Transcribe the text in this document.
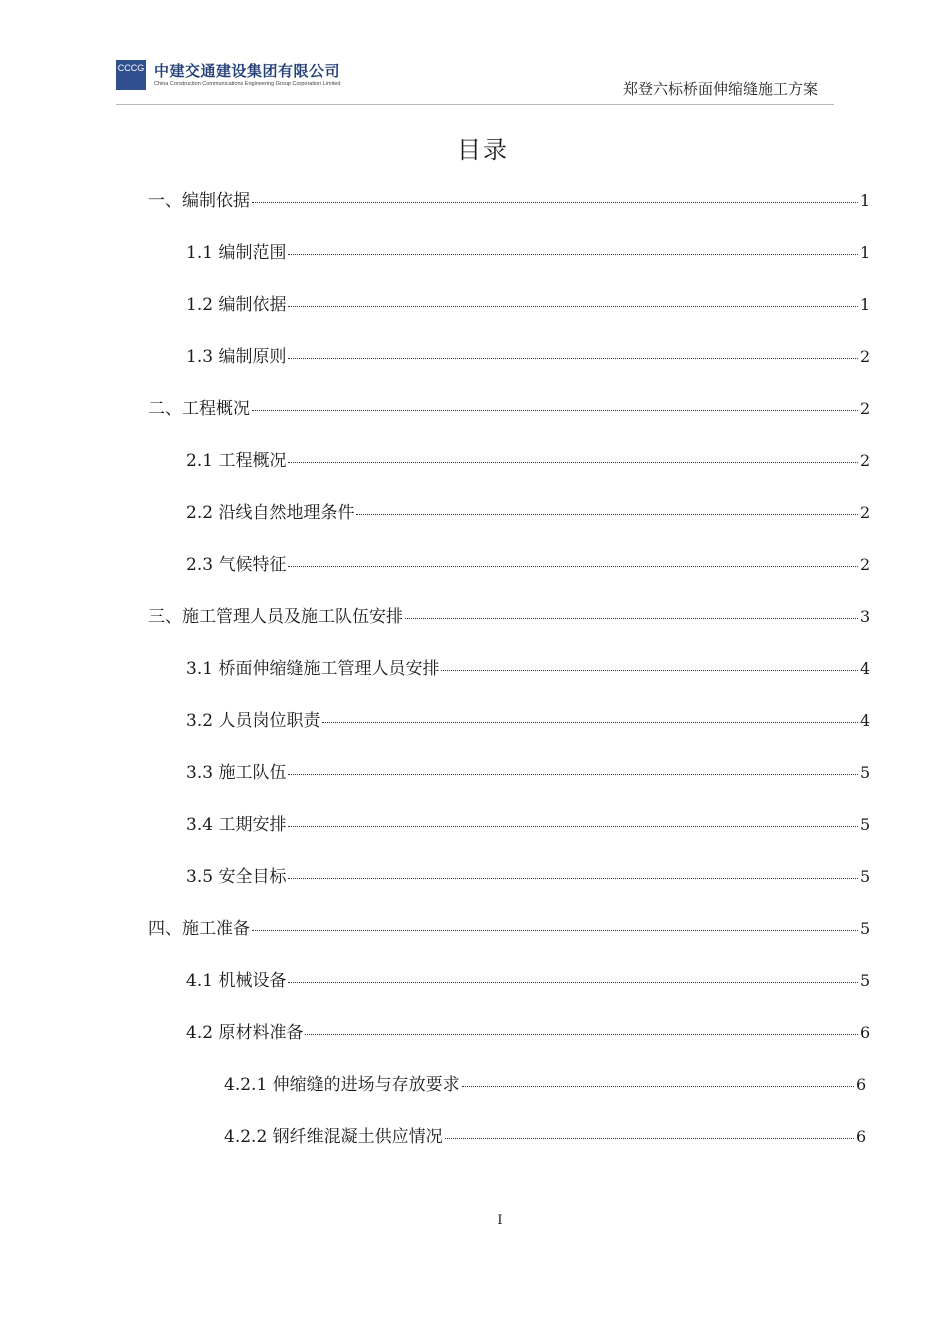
CCCG 中建交通建设集团有限公司
China Construction Communications Engineering Group Corporation Limited	郑登六标桥面伸缩缝施工方案
目录
一、编制依据	1
1.1 编制范围	1
1.2 编制依据	1
1.3 编制原则	2
二、工程概况	2
2.1 工程概况	2
2.2 沿线自然地理条件	2
2.3 气候特征	2
三、施工管理人员及施工队伍安排	3
3.1 桥面伸缩缝施工管理人员安排	4
3.2 人员岗位职责	4
3.3 施工队伍	5
3.4 工期安排	5
3.5 安全目标	5
四、施工准备	5
4.1 机械设备	5
4.2 原材料准备	6
4.2.1 伸缩缝的进场与存放要求	6
4.2.2 钢纤维混凝土供应情况	6
I
